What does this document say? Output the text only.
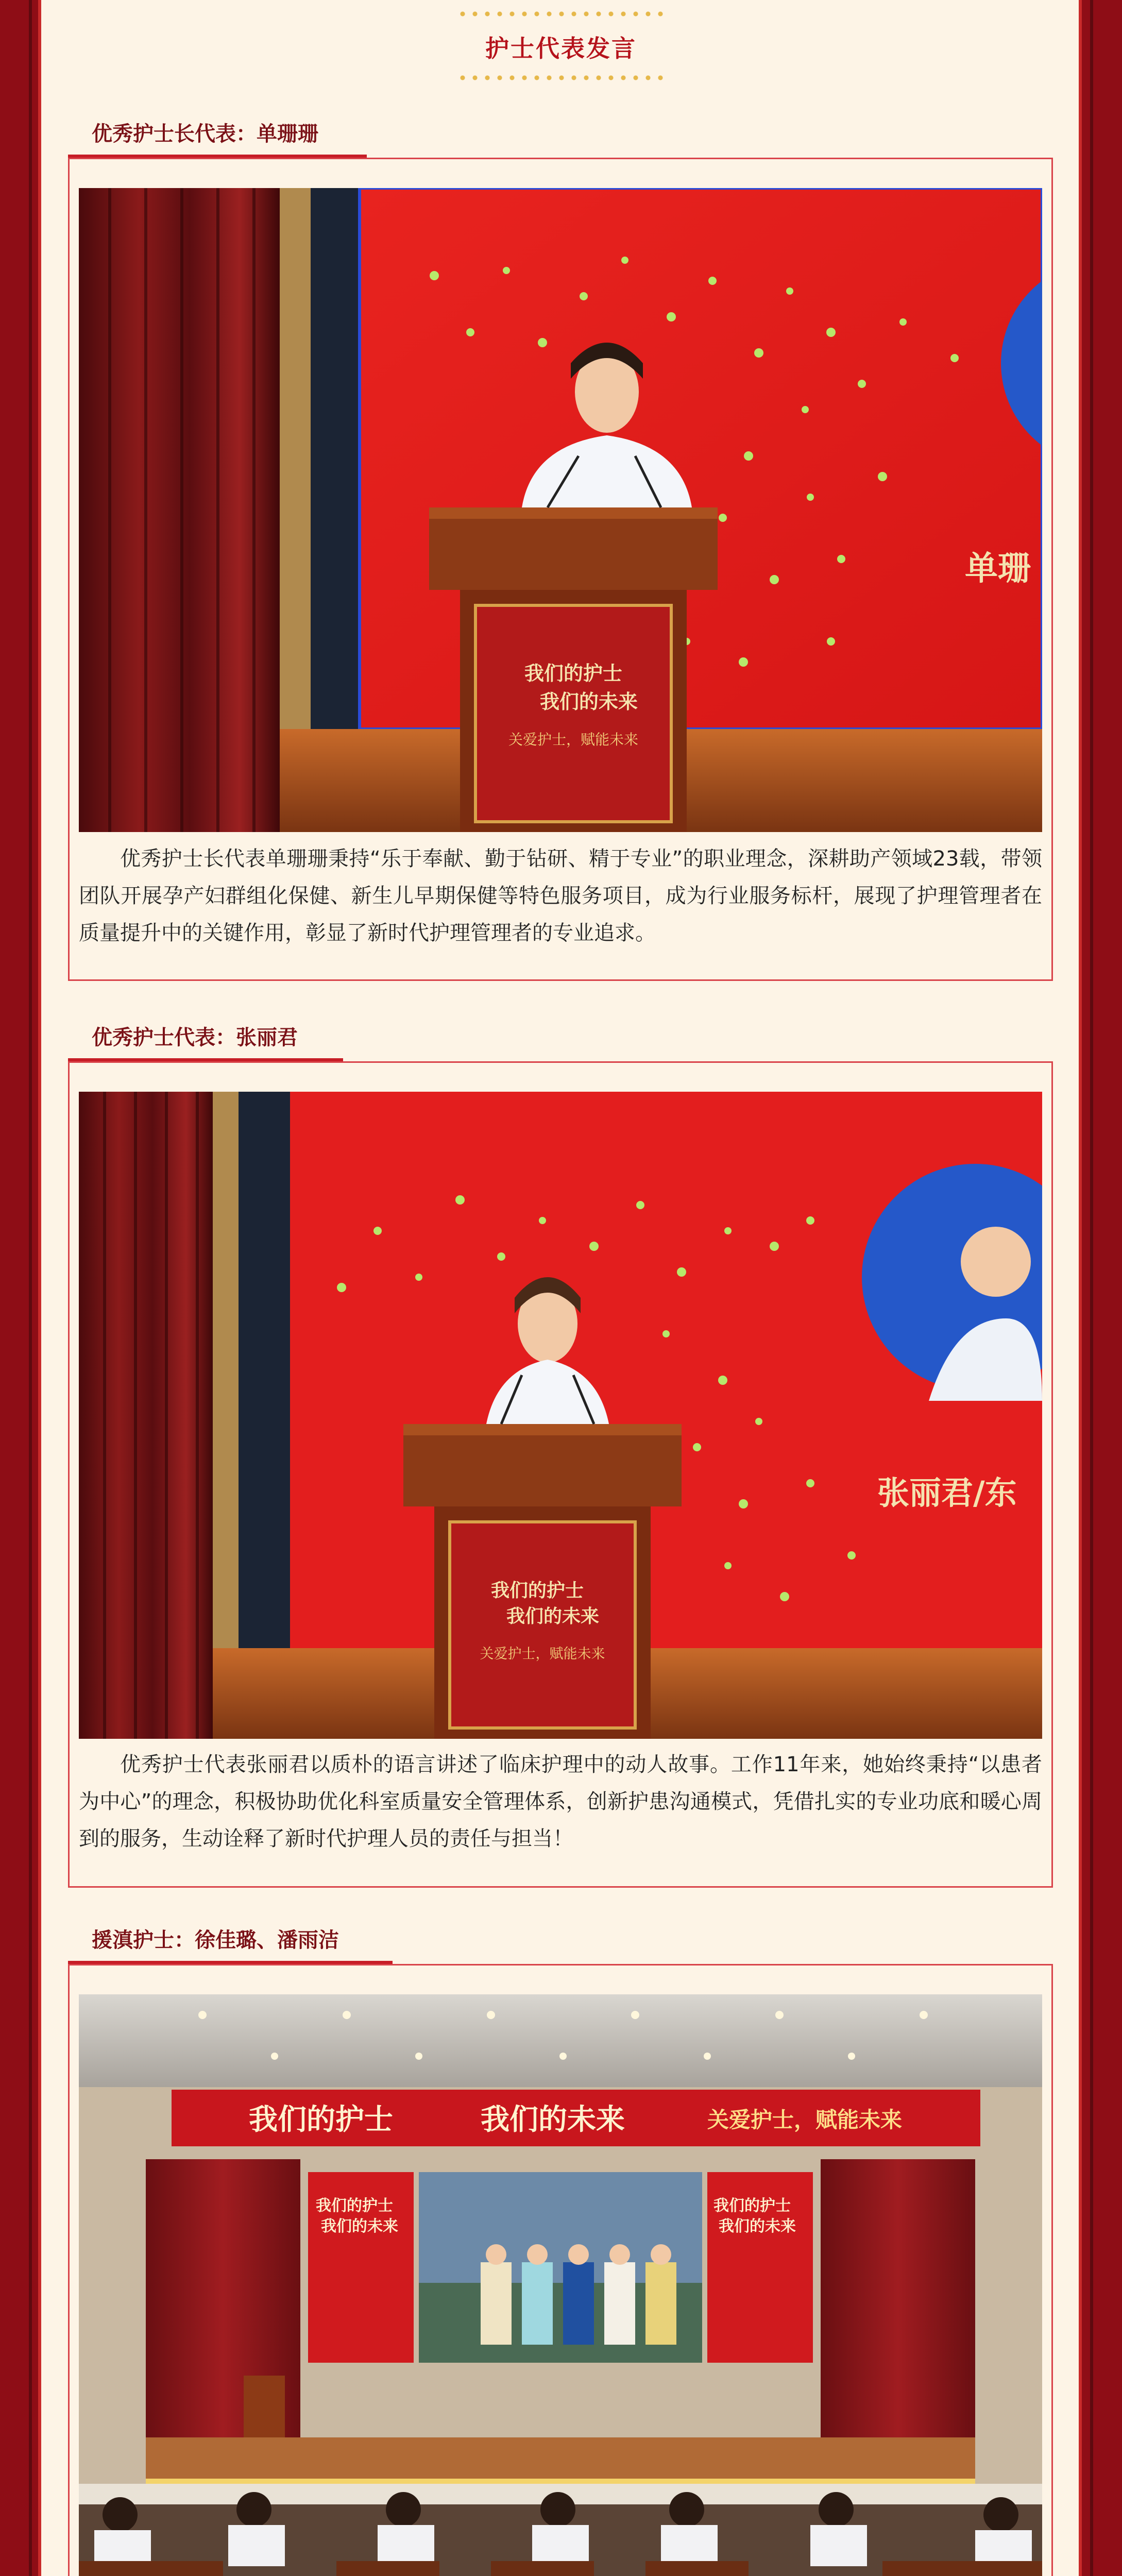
护士代表发言
优秀护士长代表：单珊珊
单珊
我们的护士
我们的未来
关爱护士，赋能未来
优秀护士长代表单珊珊秉持“乐于奉献、勤于钻研、精于专业”的职业理念，深耕助产领域23载，带领团队开展孕产妇群组化保健、新生儿早期保健等特色服务项目，成为行业服务标杆，展现了护理管理者在质量提升中的关键作用，彰显了新时代护理管理者的专业追求。
优秀护士代表：张丽君
张丽君/东
我们的护士
我们的未来
关爱护士，赋能未来
优秀护士代表张丽君以质朴的语言讲述了临床护理中的动人故事。工作11年来，她始终秉持“以患者为中心”的理念，积极协助优化科室质量安全管理体系，创新护患沟通模式，凭借扎实的专业功底和暖心周到的服务，生动诠释了新时代护理人员的责任与担当！
援滇护士：徐佳璐、潘雨洁
我们的护士	我们的未来	关爱护士，赋能未来
我们的护士
我们的未来
我们的护士
我们的未来
